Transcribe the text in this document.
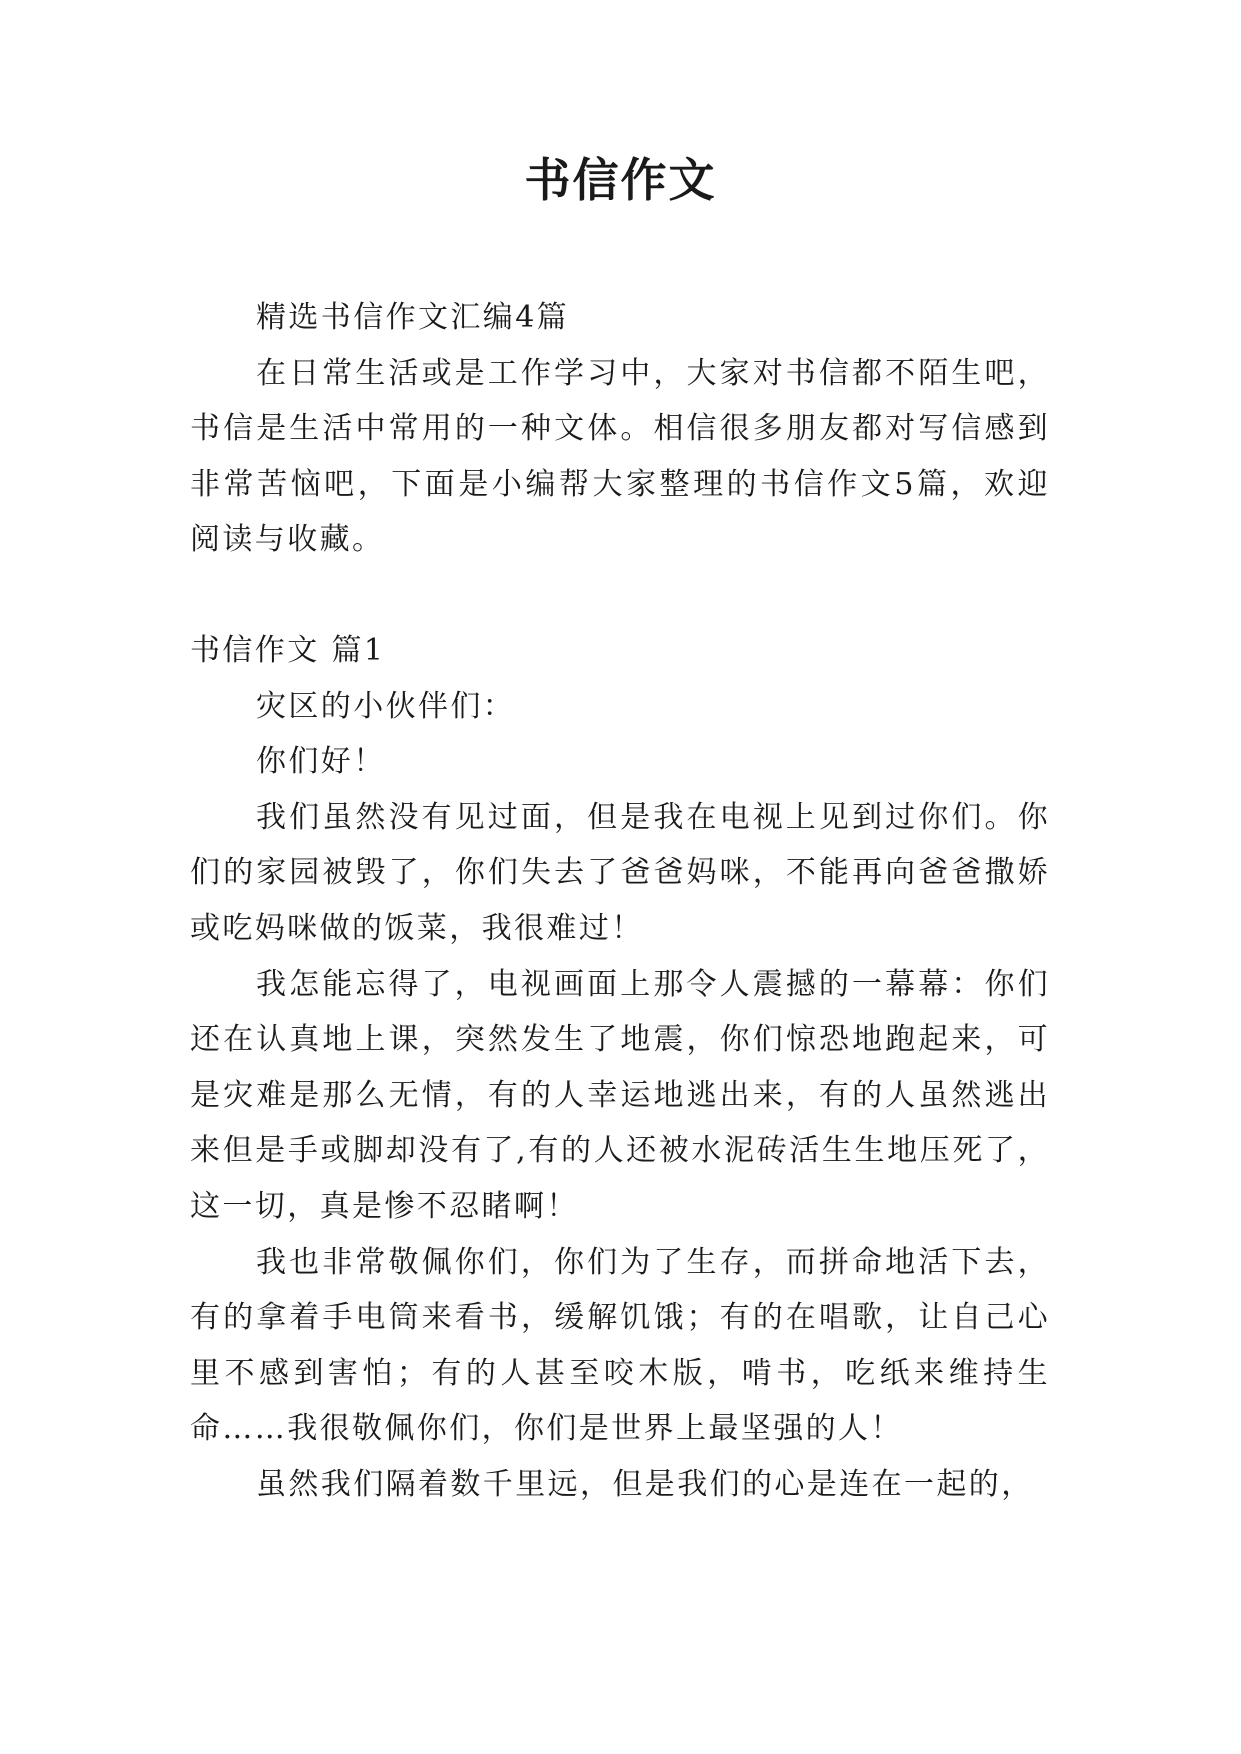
书信作文

精选书信作文汇编4篇

在日常生活或是工作学习中，大家对书信都不陌生吧，书信是生活中常用的一种文体。相信很多朋友都对写信感到非常苦恼吧，下面是小编帮大家整理的书信作文5篇，欢迎阅读与收藏。

书信作文 篇1

灾区的小伙伴们：

你们好！

我们虽然没有见过面，但是我在电视上见到过你们。你们的家园被毁了，你们失去了爸爸妈咪，不能再向爸爸撒娇或吃妈咪做的饭菜，我很难过！

我怎能忘得了，电视画面上那令人震撼的一幕幕：你们还在认真地上课，突然发生了地震，你们惊恐地跑起来，可是灾难是那么无情，有的人幸运地逃出来，有的人虽然逃出来但是手或脚却没有了,有的人还被水泥砖活生生地压死了，这一切，真是惨不忍睹啊！

我也非常敬佩你们，你们为了生存，而拼命地活下去，有的拿着手电筒来看书，缓解饥饿；有的在唱歌，让自己心里不感到害怕；有的人甚至咬木版，啃书，吃纸来维持生命……我很敬佩你们，你们是世界上最坚强的人！

虽然我们隔着数千里远，但是我们的心是连在一起的，
